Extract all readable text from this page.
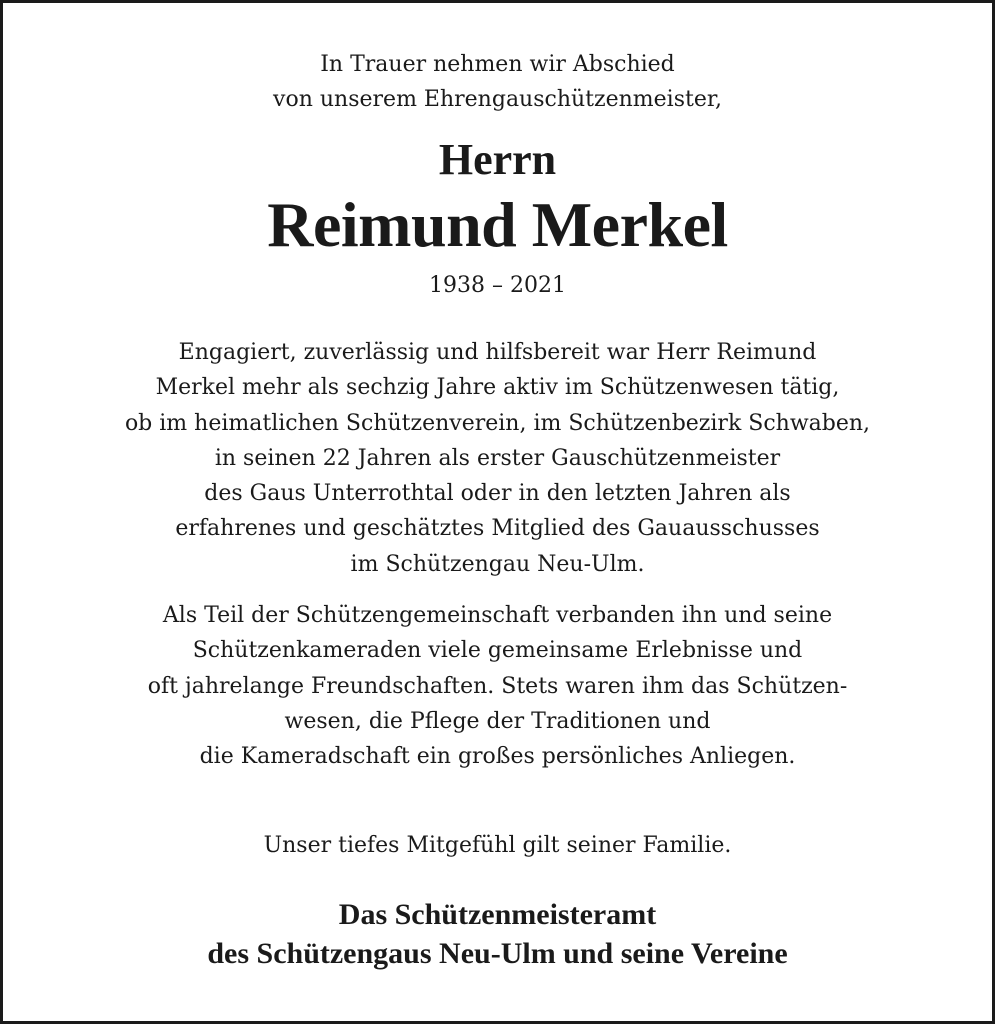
In Trauer nehmen wir Abschied

von unserem Ehrengauschützenmeister,

Herrn

Reimund Merkel

1938 – 2021

Engagiert, zuverlässig und hilfsbereit war Herr Reimund
Merkel mehr als sechzig Jahre aktiv im Schützenwesen tätig,
ob im heimatlichen Schützenverein, im Schützenbezirk Schwaben,
in seinen 22 Jahren als erster Gauschützenmeister
des Gaus Unterrothtal oder in den letzten Jahren als
erfahrenes und geschätztes Mitglied des Gauausschusses
im Schützengau Neu-Ulm.
Als Teil der Schützengemeinschaft verbanden ihn und seine
Schützenkameraden viele gemeinsame Erlebnisse und
oft jahrelange Freundschaften. Stets waren ihm das Schützen-
wesen, die Pflege der Traditionen und
die Kameradschaft ein großes persönliches Anliegen.

Unser tiefes Mitgefühl gilt seiner Familie.

Das Schützenmeisteramt

des Schützengaus Neu-Ulm und seine Vereine
